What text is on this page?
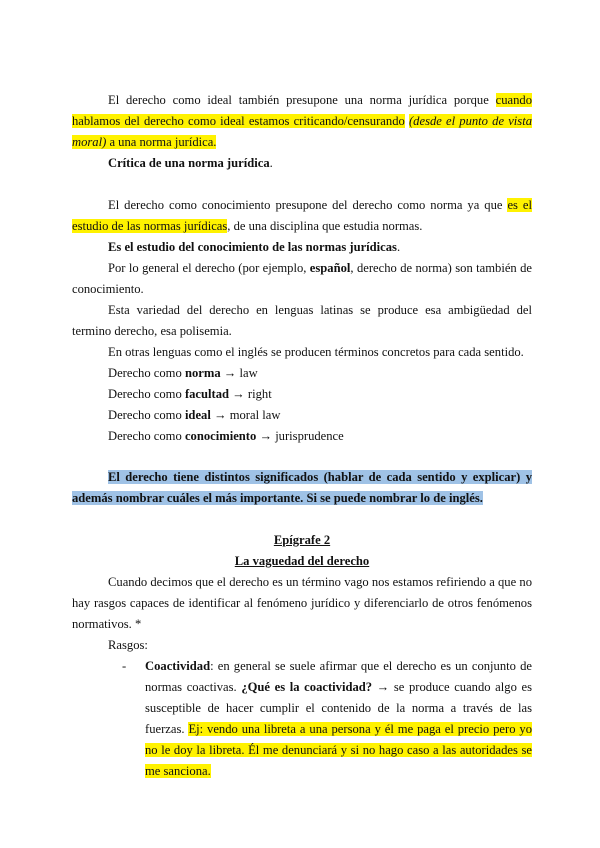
El derecho como ideal también presupone una norma jurídica porque cuando hablamos del derecho como ideal estamos criticando/censurando (desde el punto de vista moral) a una norma jurídica.

Crítica de una norma jurídica.

El derecho como conocimiento presupone del derecho como norma ya que es el estudio de las normas jurídicas, de una disciplina que estudia normas.

Es el estudio del conocimiento de las normas jurídicas.

Por lo general el derecho (por ejemplo, español, derecho de norma) son también de conocimiento.

Esta variedad del derecho en lenguas latinas se produce esa ambigüedad del termino derecho, esa polisemia.

En otras lenguas como el inglés se producen términos concretos para cada sentido.

Derecho como norma → law

Derecho como facultad → right

Derecho como ideal → moral law

Derecho como conocimiento → jurisprudence

El derecho tiene distintos significados (hablar de cada sentido y explicar) y además nombrar cuáles el más importante. Si se puede nombrar lo de inglés.

Epígrafe 2

La vaguedad del derecho

Cuando decimos que el derecho es un término vago nos estamos refiriendo a que no hay rasgos capaces de identificar al fenómeno jurídico y diferenciarlo de otros fenómenos normativos. *

Rasgos:

- Coactividad: en general se suele afirmar que el derecho es un conjunto de normas coactivas. ¿Qué es la coactividad? → se produce cuando algo es susceptible de hacer cumplir el contenido de la norma a través de las fuerzas. Ej: vendo una libreta a una persona y él me paga el precio pero yo no le doy la libreta. Él me denunciará y si no hago caso a las autoridades se me sanciona.
